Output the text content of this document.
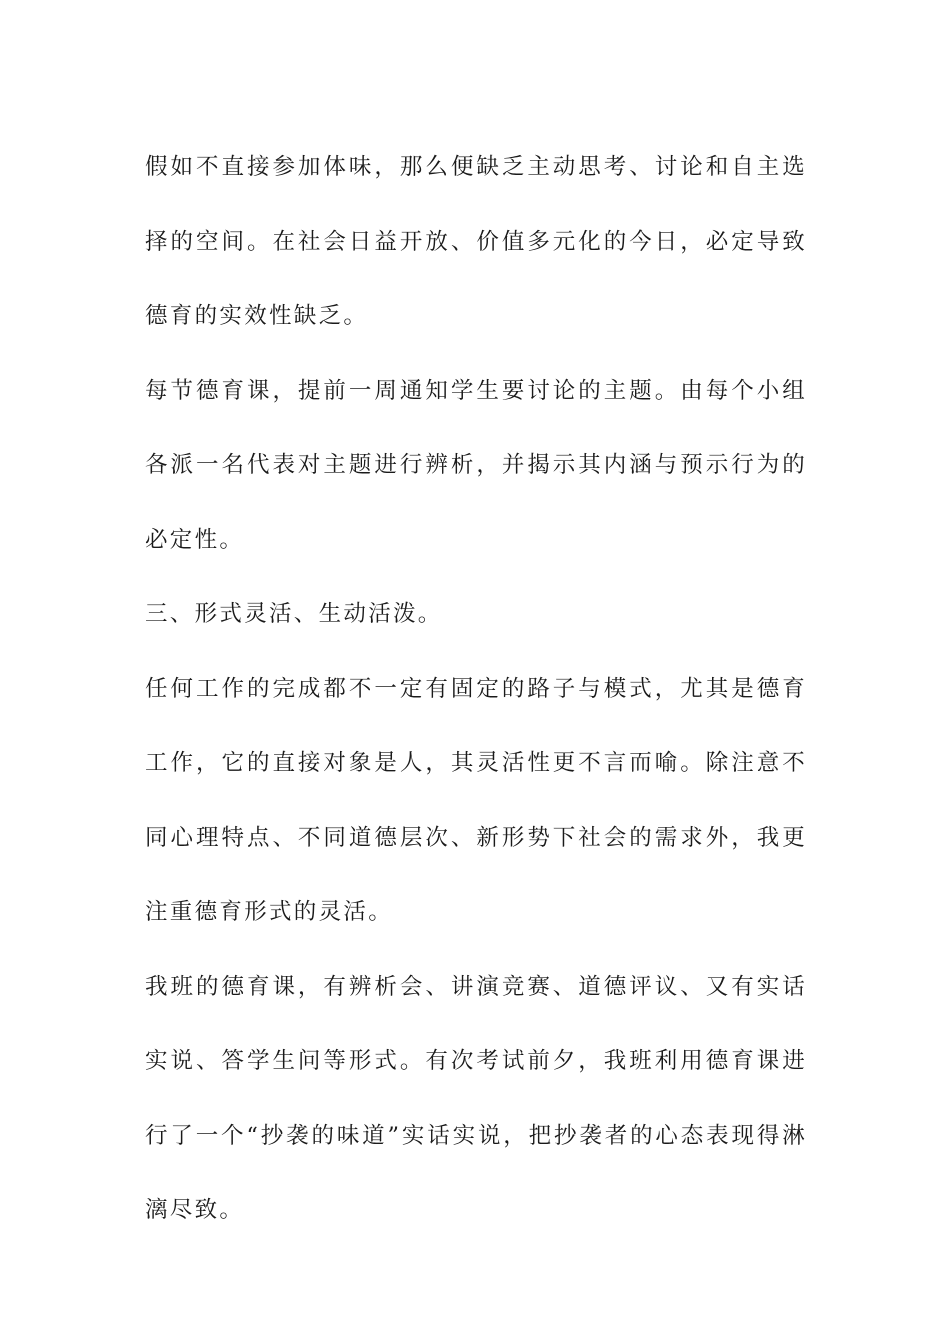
假如不直接参加体味，那么便缺乏主动思考、讨论和自主选择的空间。在社会日益开放、价值多元化的今日，必定导致德育的实效性缺乏。

每节德育课，提前一周通知学生要讨论的主题。由每个小组各派一名代表对主题进行辨析，并揭示其内涵与预示行为的必定性。

三、形式灵活、生动活泼。

任何工作的完成都不一定有固定的路子与模式，尤其是德育工作，它的直接对象是人，其灵活性更不言而喻。除注意不同心理特点、不同道德层次、新形势下社会的需求外，我更注重德育形式的灵活。

我班的德育课，有辨析会、讲演竞赛、道德评议、又有实话实说、答学生问等形式。有次考试前夕，我班利用德育课进行了一个“抄袭的味道”实话实说，把抄袭者的心态表现得淋漓尽致。
